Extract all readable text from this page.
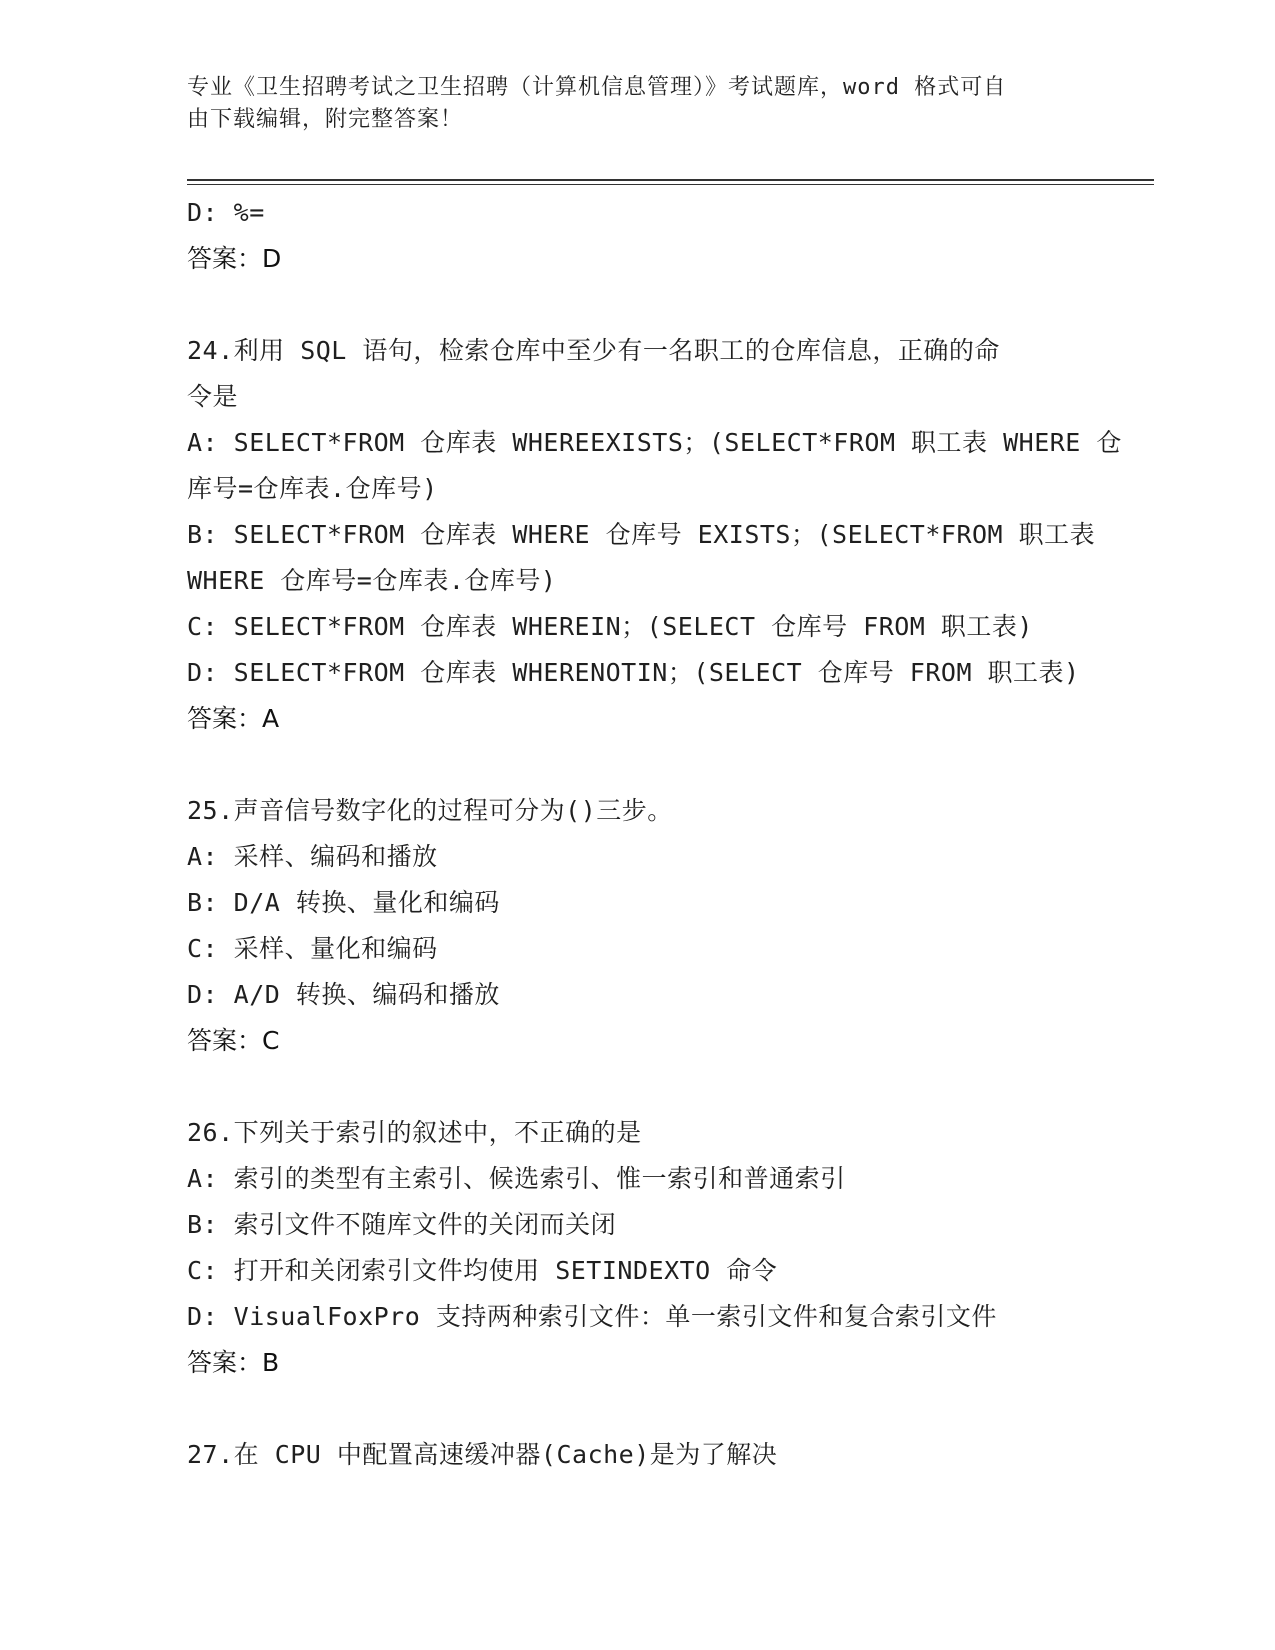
专业《卫生招聘考试之卫生招聘（计算机信息管理）》考试题库，word 格式可自
由下载编辑，附完整答案！
D: %=
答案：D
24.利用 SQL 语句，检索仓库中至少有一名职工的仓库信息，正确的命
令是
A: SELECT*FROM 仓库表 WHEREEXISTS；(SELECT*FROM 职工表 WHERE 仓
库号=仓库表.仓库号)
B: SELECT*FROM 仓库表 WHERE 仓库号 EXISTS；(SELECT*FROM 职工表
WHERE 仓库号=仓库表.仓库号)
C: SELECT*FROM 仓库表 WHEREIN；(SELECT 仓库号 FROM 职工表)
D: SELECT*FROM 仓库表 WHERENOTIN；(SELECT 仓库号 FROM 职工表)
答案：A
25.声音信号数字化的过程可分为()三步。
A: 采样、编码和播放
B: D/A 转换、量化和编码
C: 采样、量化和编码
D: A/D 转换、编码和播放
答案：C
26.下列关于索引的叙述中，不正确的是
A: 索引的类型有主索引、候选索引、惟一索引和普通索引
B: 索引文件不随库文件的关闭而关闭
C: 打开和关闭索引文件均使用 SETINDEXTO 命令
D: VisualFoxPro 支持两种索引文件：单一索引文件和复合索引文件
答案：B
27.在 CPU 中配置高速缓冲器(Cache)是为了解决
